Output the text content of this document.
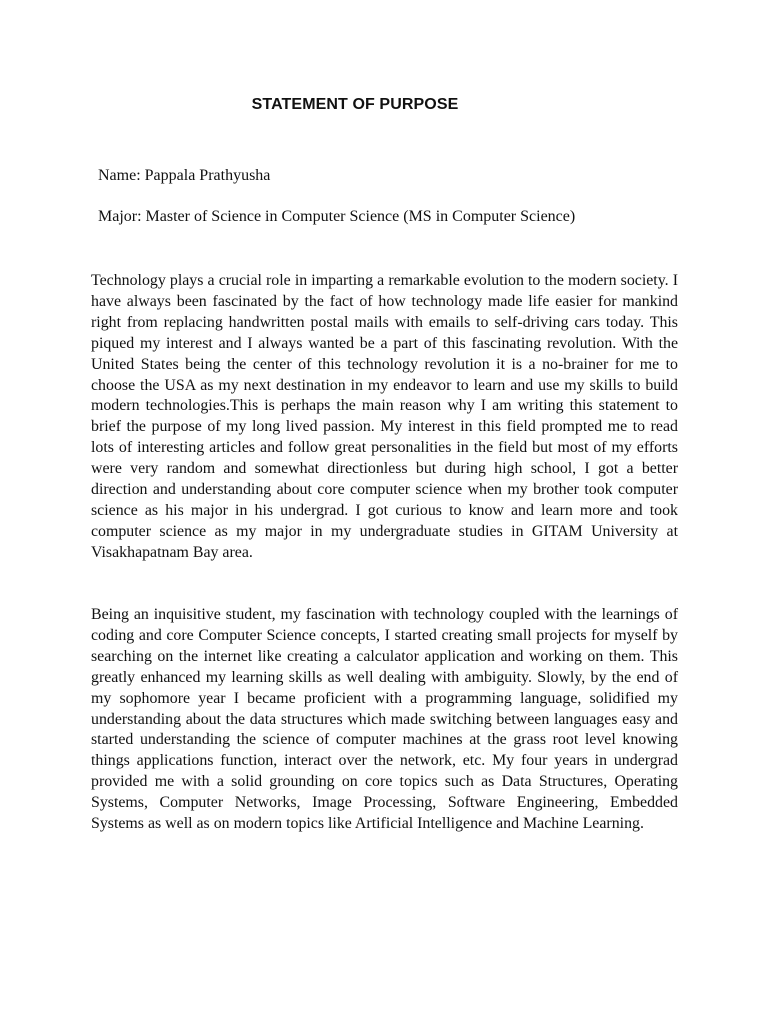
STATEMENT OF PURPOSE
Name: Pappala Prathyusha
Major: Master of Science in Computer Science (MS in Computer Science)

Technology plays a crucial role in imparting a remarkable evolution to the modern society. I have always been fascinated by the fact of how technology made life easier for mankind right from replacing handwritten postal mails with emails to self-driving cars today. This piqued my interest and I always wanted be a part of this fascinating revolution. With the United States being the center of this technology revolution it is a no-brainer for me to choose the USA as my next destination in my endeavor to learn and use my skills to build modern technologies.This is perhaps the main reason why I am writing this statement to brief the purpose of my long lived passion. My interest in this field prompted me to read lots of interesting articles and follow great personalities in the field but most of my efforts were very random and somewhat directionless but during high school, I got a better direction and understanding about core computer science when my brother took computer science as his major in his undergrad. I got curious to know and learn more and took computer science as my major in my undergraduate studies in GITAM University at Visakhapatnam Bay area.

Being an inquisitive student, my fascination with technology coupled with the learnings of coding and core Computer Science concepts, I started creating small projects for myself by searching on the internet like creating a calculator application and working on them. This greatly enhanced my learning skills as well dealing with ambiguity. Slowly, by the end of my sophomore year I became proficient with a programming language, solidified my understanding about the data structures which made switching between languages easy and started understanding the science of computer machines at the grass root level knowing things applications function, interact over the network, etc. My four years in undergrad provided me with a solid grounding on core topics such as Data Structures, Operating Systems, Computer Networks, Image Processing, Software Engineering, Embedded Systems as well as on modern topics like Artificial Intelligence and Machine Learning.
